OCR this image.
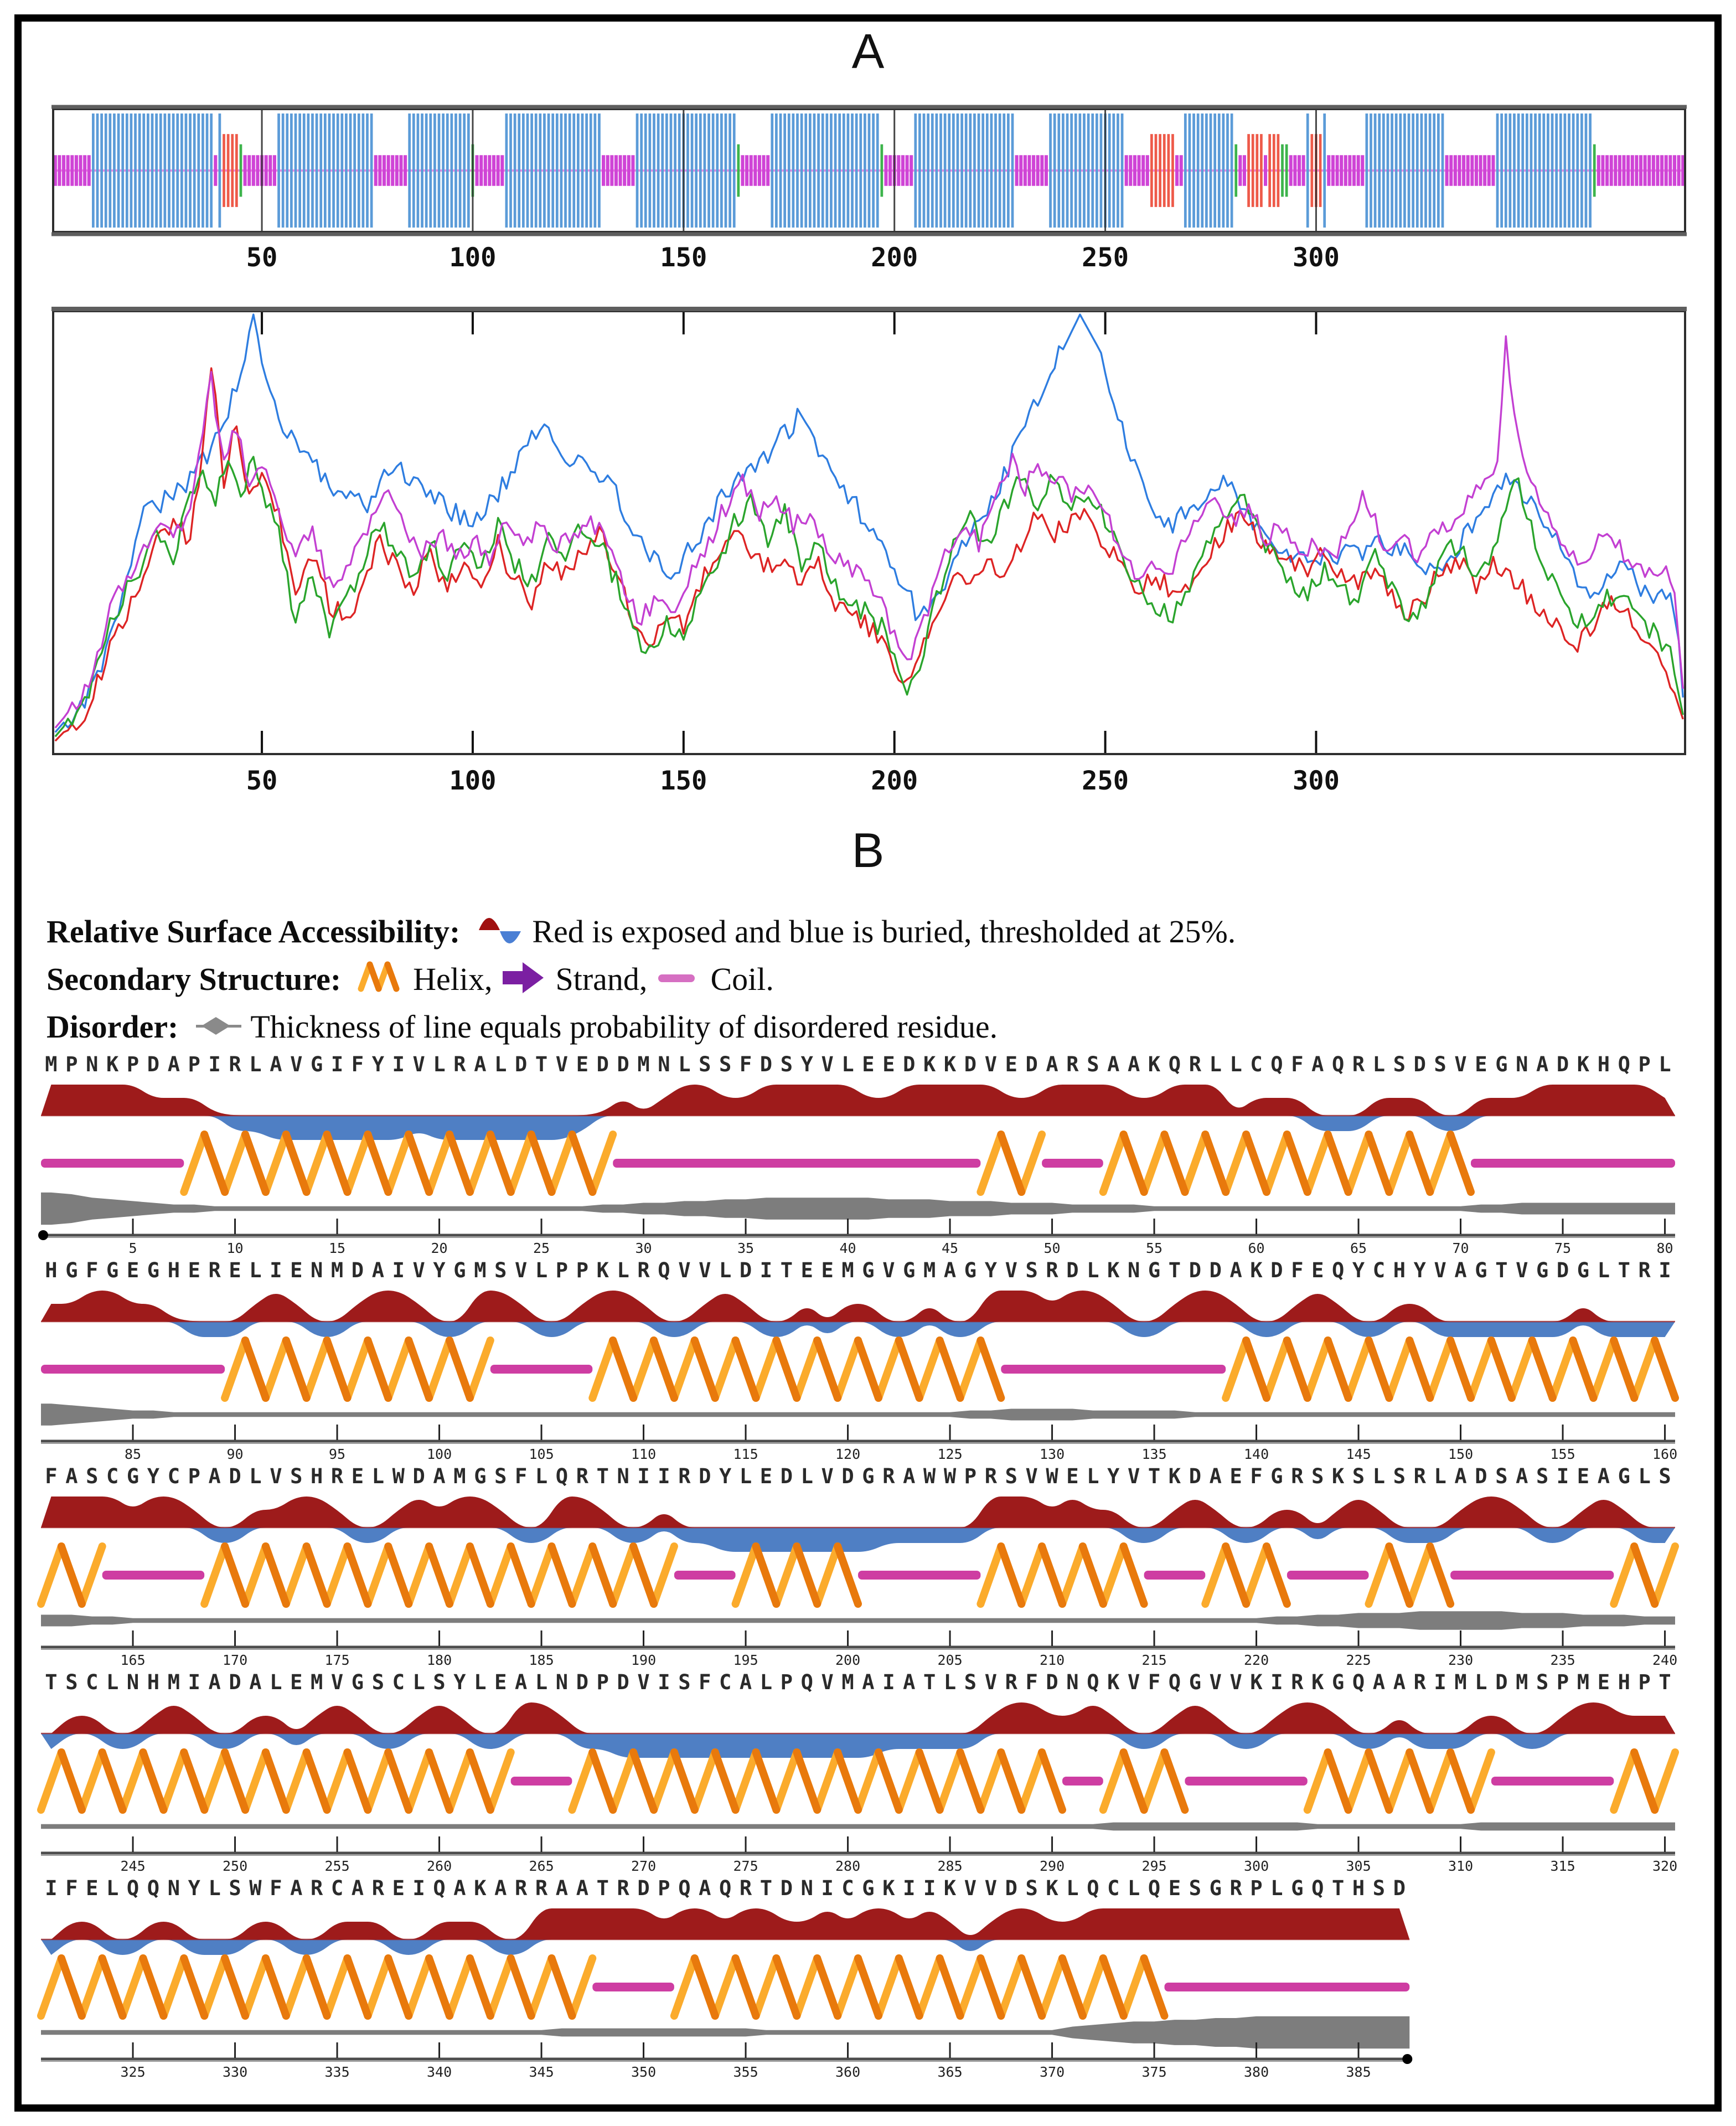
A
50	100	150	200	250	300
50	100	150	200	250	300
B
Relative Surface Accessibility: Red is exposed and blue is buried, thresholded at 25%.
Secondary Structure: Helix, Strand, Coil.
Disorder: Thickness of line equals probability of disordered residue.
M P N K P D A P I R L A V G I F Y I V L R A L D T V E D D M N L S S F D S Y V L E E D K K D V E D A R S A A K Q R L L C Q F A Q R L S D S V E G N A D K H Q P L
5	10	15	20	25	30	35	40	45	50	55	60	65	70	75	80
H G F G E G H E R E L I E N M D A I V Y G M S V L P P K L R Q V V L D I T E E M G V G M A G Y V S R D L K N G T D D A K D F E Q Y C H Y V A G T V G D G L T R I
85	90	95	100	105	110	115	120	125	130	135	140	145	150	155	160
F A S C G Y C P A D L V S H R E L W D A M G S F L Q R T N I I R D Y L E D L V D G R A W W P R S V W E L Y V T K D A E F G R S K S L S R L A D S A S I E A G L S
165	170	175	180	185	190	195	200	205	210	215	220	225	230	235	240
T S C L N H M I A D A L E M V G S C L S Y L E A L N D P D V I S F C A L P Q V M A I A T L S V R F D N Q K V F Q G V V K I R K G Q A A R I M L D M S P M E H P T
245	250	255	260	265	270	275	280	285	290	295	300	305	310	315	320
I F E L Q Q N Y L S W F A R C A R E I Q A K A R R A A T R D P Q A Q R T D N I C G K I I K V V D S K L Q C L Q E S G R P L G Q T H S D
325	330	335	340	345	350	355	360	365	370	375	380	385
